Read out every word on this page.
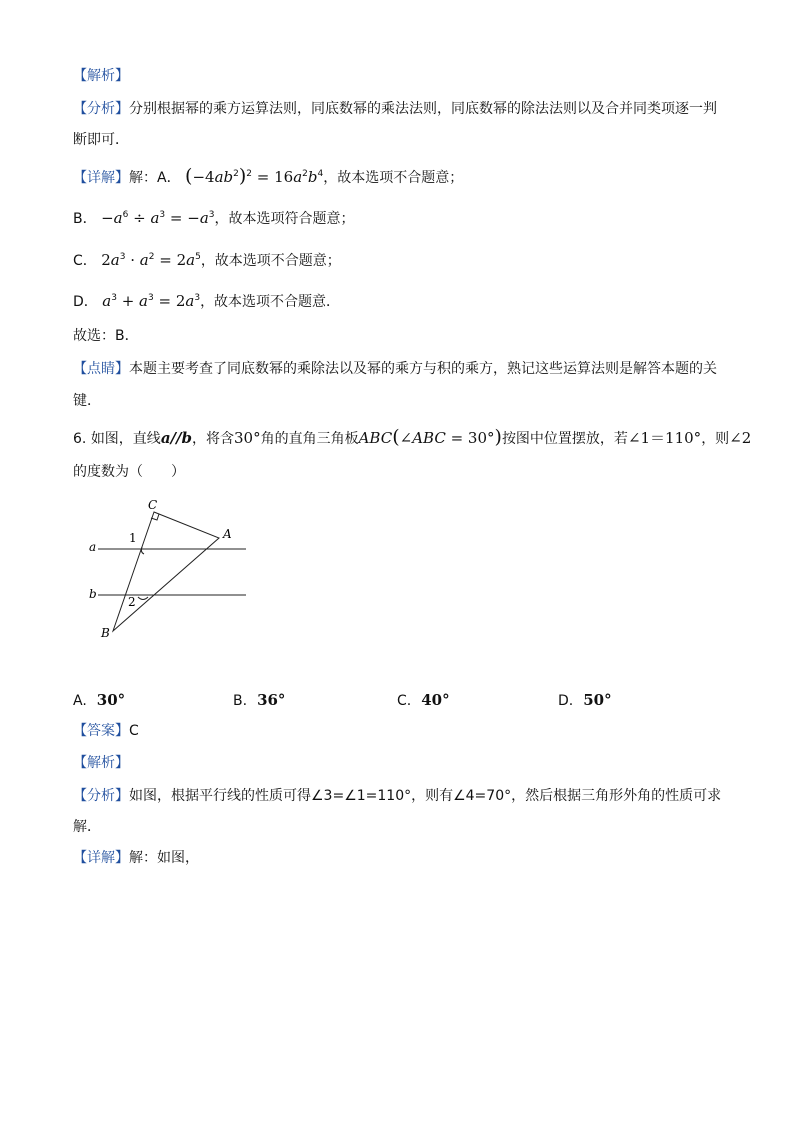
【解析】
【分析】分别根据幂的乘方运算法则，同底数幂的乘法法则，同底数幂的除法法则以及合并同类项逐一判
断即可．
【详解】解：A． $(-4ab^2)^2 = 16a^2b^4$，故本选项不合题意；
B． $-a^6 \div a^3 = -a^3$，故本选项符合题意；
C． $2a^3 \cdot a^2 = 2a^5$，故本选项不合题意；
D． $a^3 + a^3 = 2a^3$，故本选项不合题意．
故选：B．
【点睛】本题主要考查了同底数幂的乘除法以及幂的乘方与积的乘方，熟记这些运算法则是解答本题的关
键．
6. 如图，直线a//b，将含30°角的直角三角板ABC(∠ABC = 30°)按图中位置摆放，若∠1＝110°，则∠2
的度数为（　　）
C
A
B
a
b
1
2
A. 30°	B. 36°	C. 40°	D. 50°
【答案】C
【解析】
【分析】如图，根据平行线的性质可得∠3=∠1=110°，则有∠4=70°，然后根据三角形外角的性质可求
解．
【详解】解：如图，
